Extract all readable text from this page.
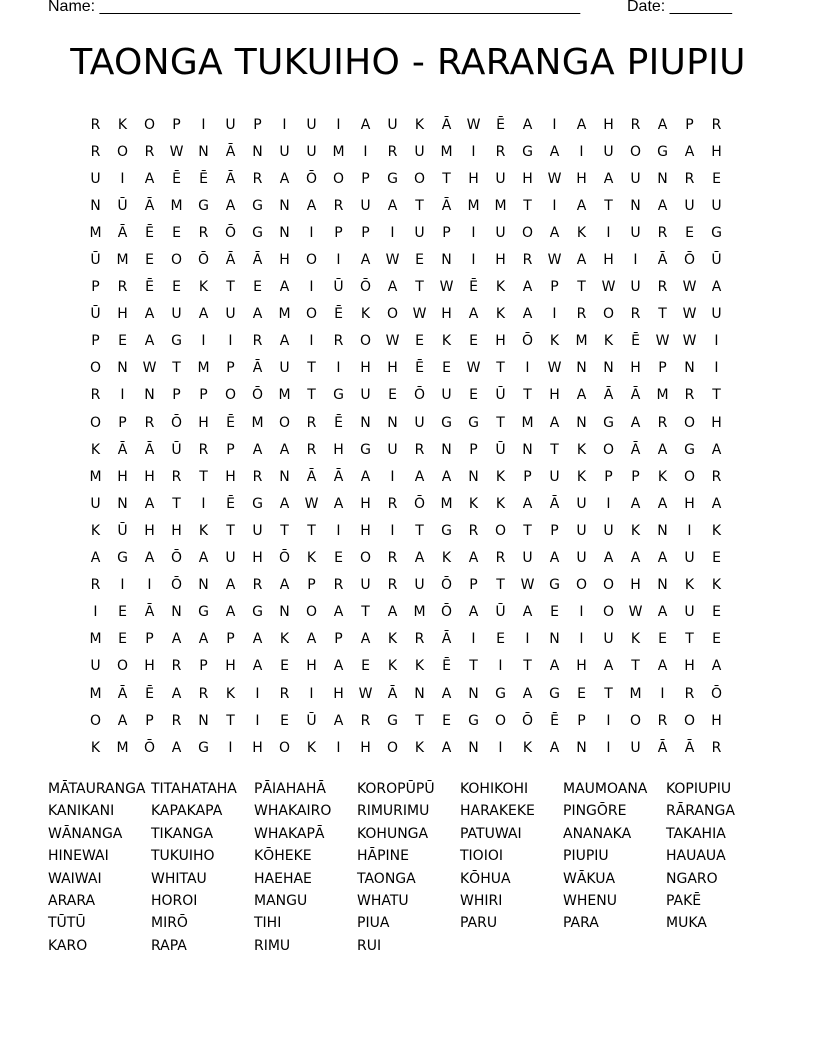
Name: ______________________________________________________	Date: _______
TAONGA TUKUIHO - RARANGA PIUPIU
R	K	O	P	I	U	P	I	U	I	A	U	K	Ā	W	Ē	A	I	A	H	R	A	P	R
R	O	R	W	N	Ā	N	U	U	M	I	R	U	M	I	R	G	A	I	U	O	G	A	H
U	I	A	Ē	Ē	Ā	R	A	Ō	O	P	G	O	T	H	U	H	W	H	A	U	N	R	E
N	Ū	Ā	M	G	A	G	N	A	R	U	A	T	Ā	M	M	T	I	A	T	N	A	U	U
M	Ā	Ē	E	R	Ō	G	N	I	P	P	I	U	P	I	U	O	A	K	I	U	R	E	G
Ū	M	E	O	Ō	Ā	Ā	H	O	I	A	W	E	N	I	H	R	W	A	H	I	Ā	Ō	Ū
P	R	Ē	E	K	T	E	A	I	Ū	Ō	A	T	W	Ē	K	A	P	T	W	U	R	W	A
Ū	H	A	U	A	U	A	M	O	Ē	K	O	W	H	A	K	A	I	R	O	R	T	W	U
P	E	A	G	I	I	R	A	I	R	O	W	E	K	E	H	Ō	K	M	K	Ē	W W	I
O	N	W	T	M	P	Ā	U	T	I	H	H	Ē	E	W	T	I	W	N	N	H	P	N	I
R	I	N	P	P	O	Ō	M	T	G	U	E	Ō	U	E	Ū	T	H	A	Ā	Ā	M	R	T
O	P	R	Ō	H	Ē	M	O	R	Ē	N	N	U	G	G	T	M	A	N	G	A	R	O	H
K	Ā	Ā	Ū	R	P	A	A	R	H	G	U	R	N	P	Ū	N	T	K	O	Ā	A	G	A
M	H	H	R	T	H	R	N	Ā	Ā	A	I	A	A	N	K	P	U	K	P	P	K	O	R
U	N	A	T	I	Ē	G	A	W	A	H	R	Ō	M	K	K	A	Ā	U	I	A	A	H	A
K	Ū	H	H	K	T	U	T	T	I	H	I	T	G	R	O	T	P	U	U	K	N	I	K
A	G	A	Ō	A	U	H	Ō	K	E	O	R	A	K	A	R	U	A	U	A	A	A	U	E
R	I	I	Ō	N	A	R	A	P	R	U	R	U	Ō	P	T	W	G	O	O	H	N	K	K
I	E	Ā	N	G	A	G	N	O	A	T	A	M	Ō	A	Ū	A	E	I	O	W	A	U	E
M	E	P	A	A	P	A	K	A	P	A	K	R	Ā	I	E	I	N	I	U	K	E	T	E
U	O	H	R	P	H	A	E	H	A	E	K	K	Ē	T	I	T	A	H	A	T	A	H	A
M	Ā	Ē	A	R	K	I	R	I	H	W	Ā	N	A	N	G	A	G	E	T	M	I	R	Ō
O	A	P	R	N	T	I	E	Ū	A	R	G	T	E	G	O	Ō	Ē	P	I	O	R	O	H
K	M	Ō	A	G	I	H	O	K	I	H	O	K	A	N	I	K	A	N	I	U	Ā	Ā	R
MĀTAURANGA TITAHATAHA	PĀIAHAHĀ	KOROPŪPŪ	KOHIKOHI	MAUMOANA	KOPIUPIU
KANIKANI	KAPAKAPA	WHAKAIRO	RIMURIMU	HARAKEKE	PINGŌRE	RĀRANGA
WĀNANGA	TIKANGA	WHAKAPĀ	KOHUNGA	PATUWAI	ANANAKA	TAKAHIA
HINEWAI	TUKUIHO	KŌHEKE	HĀPINE	TIOIOI	PIUPIU	HAUAUA
WAIWAI	WHITAU	HAEHAE	TAONGA	KŌHUA	WĀKUA	NGARO
ARARA	HOROI	MANGU	WHATU	WHIRI	WHENU	PAKĒ
TŪTŪ	MIRŌ	TIHI	PIUA	PARU	PARA	MUKA
KARO	RAPA	RIMU	RUI
